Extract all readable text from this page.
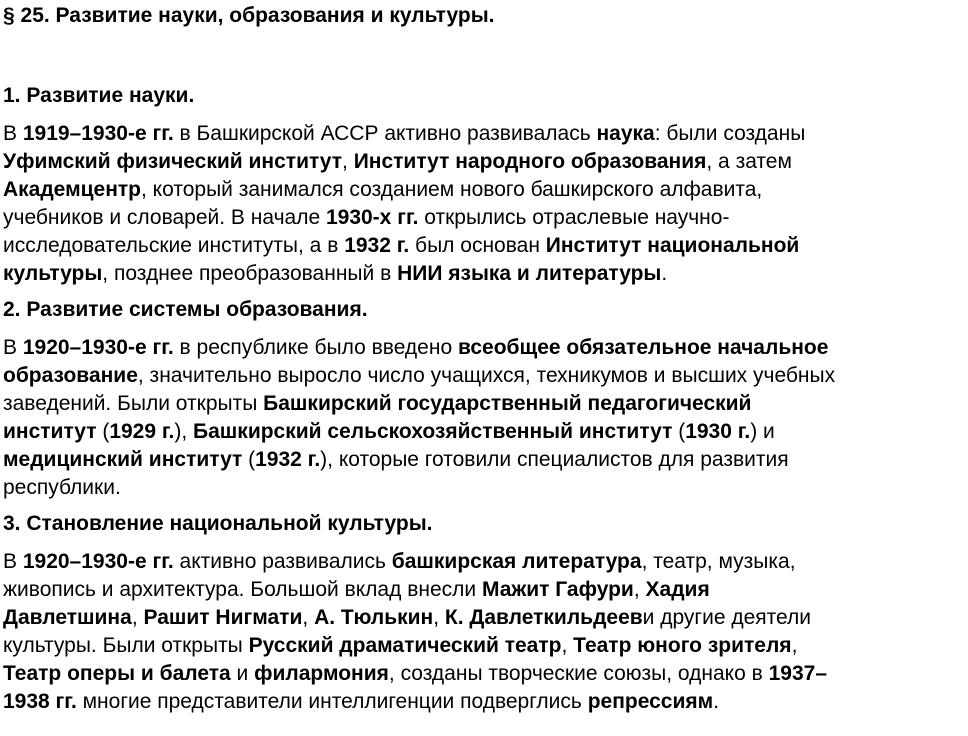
§ 25. Развитие науки, образования и культуры.
1. Развитие науки.
В 1919–1930-е гг. в Башкирской АССР активно развивалась наука: были созданы
Уфимский физический институт, Институт народного образования, а затем
Академцентр, который занимался созданием нового башкирского алфавита,
учебников и словарей. В начале 1930-х гг. открылись отраслевые научно-
исследовательские институты, а в 1932 г. был основан Институт национальной
культуры, позднее преобразованный в НИИ языка и литературы.
2. Развитие системы образования.
В 1920–1930-е гг. в республике было введено всеобщее обязательное начальное
образование, значительно выросло число учащихся, техникумов и высших учебных
заведений. Были открыты Башкирский государственный педагогический
институт (1929 г.), Башкирский сельскохозяйственный институт (1930 г.) и
медицинский институт (1932 г.), которые готовили специалистов для развития
республики.
3. Становление национальной культуры.
В 1920–1930-е гг. активно развивались башкирская литература, театр, музыка,
живопись и архитектура. Большой вклад внесли Мажит Гафури, Хадия
Давлетшина, Рашит Нигмати, А. Тюлькин, К. Давлеткильдееви другие деятели
культуры. Были открыты Русский драматический театр, Театр юного зрителя,
Театр оперы и балета и филармония, созданы творческие союзы, однако в 1937–
1938 гг. многие представители интеллигенции подверглись репрессиям.
